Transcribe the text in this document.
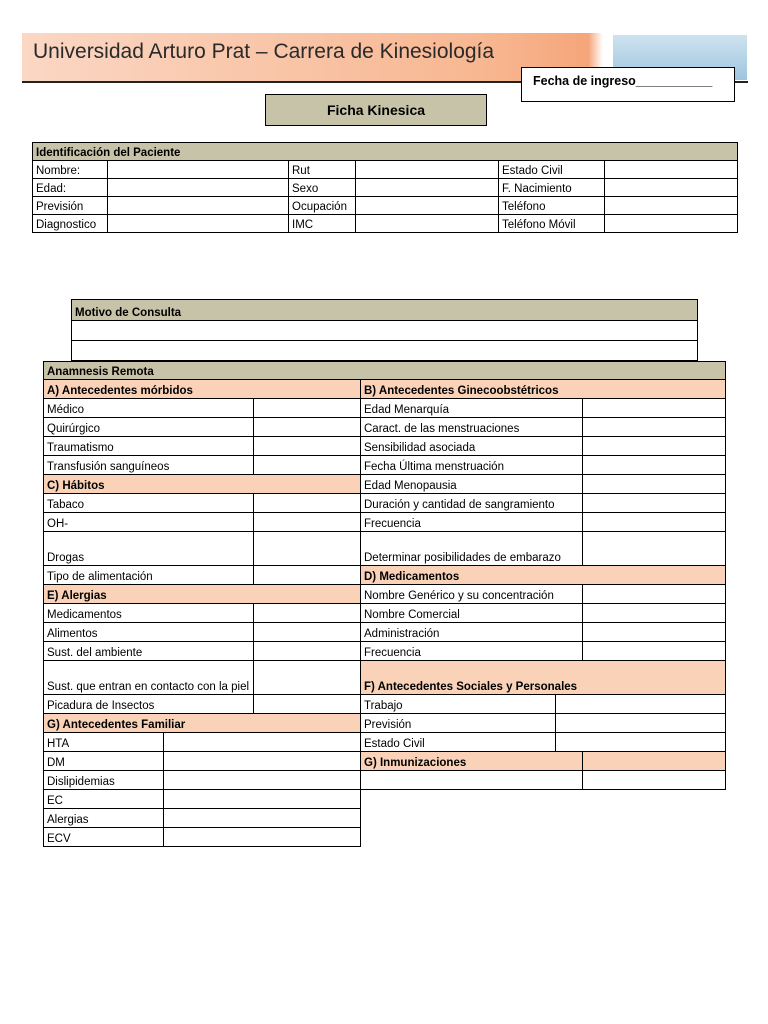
Universidad Arturo Prat – Carrera de Kinesiología
Fecha de ingreso___________
Ficha Kinesica
Identificación del Paciente					
Nombre:		Rut		Estado Civil	
Edad:		Sexo		F. Nacimiento	
Previsión		Ocupación		Teléfono	
Diagnostico		IMC		Teléfono Móvil	
Motivo de Consulta

Anamnesis Remota					
A) Antecedentes mórbidos			B) Antecedentes Ginecoobstétricos		
Médico			Edad Menarquía		
Quirúrgico			Caract. de las menstruaciones		
Traumatismo			Sensibilidad asociada		
Transfusión sanguíneos			Fecha Última menstruación		
C) Hábitos			Edad Menopausia		
Tabaco			Duración y cantidad de sangramiento		
OH-			Frecuencia		
Drogas			Determinar posibilidades de embarazo		
Tipo de alimentación			D) Medicamentos		
E) Alergias			Nombre Genérico y su concentración		
Medicamentos			Nombre Comercial		
Alimentos			Administración		
Sust. del ambiente			Frecuencia		
Sust. que entran en contacto con la piel			F) Antecedentes Sociales y Personales		
Picadura de Insectos			Trabajo		
G) Antecedentes Familiar			Previsión		
HTA			Estado Civil		
DM			G) Inmunizaciones		
Dislipidemias					
EC					
Alergias					
ECV					
